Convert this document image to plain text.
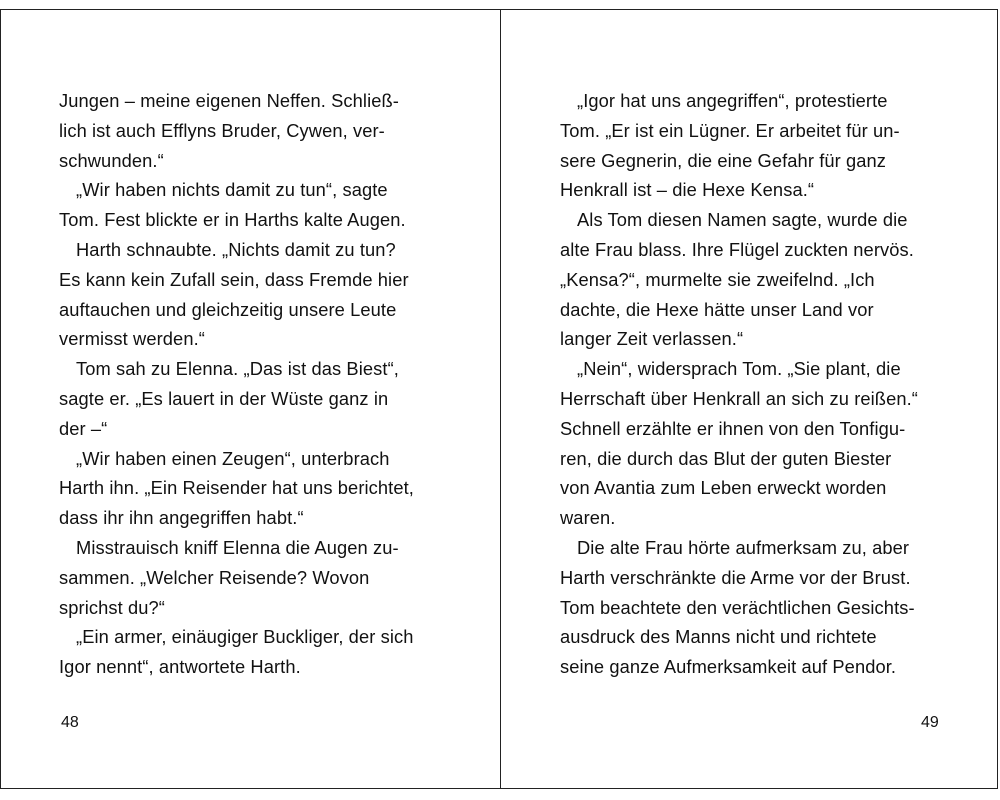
Jungen – meine eigenen Neffen. Schließ-
lich ist auch Efflyns Bruder, Cywen, ver-
schwunden.“
„Wir haben nichts damit zu tun“, sagte
Tom. Fest blickte er in Harths kalte Augen.
Harth schnaubte. „Nichts damit zu tun?
Es kann kein Zufall sein, dass Fremde hier
auftauchen und gleichzeitig unsere Leute
vermisst werden.“
Tom sah zu Elenna. „Das ist das Biest“,
sagte er. „Es lauert in der Wüste ganz in
der –“
„Wir haben einen Zeugen“, unterbrach
Harth ihn. „Ein Reisender hat uns berichtet,
dass ihr ihn angegriffen habt.“
Misstrauisch kniff Elenna die Augen zu-
sammen. „Welcher Reisende? Wovon
sprichst du?“
„Ein armer, einäugiger Buckliger, der sich
Igor nennt“, antwortete Harth.
48
„Igor hat uns angegriffen“, protestierte
Tom. „Er ist ein Lügner. Er arbeitet für un-
sere Gegnerin, die eine Gefahr für ganz
Henkrall ist – die Hexe Kensa.“
Als Tom diesen Namen sagte, wurde die
alte Frau blass. Ihre Flügel zuckten nervös.
„Kensa?“, murmelte sie zweifelnd. „Ich
dachte, die Hexe hätte unser Land vor
langer Zeit verlassen.“
„Nein“, widersprach Tom. „Sie plant, die
Herrschaft über Henkrall an sich zu reißen.“
Schnell erzählte er ihnen von den Tonfigu-
ren, die durch das Blut der guten Biester
von Avantia zum Leben erweckt worden
waren.
Die alte Frau hörte aufmerksam zu, aber
Harth verschränkte die Arme vor der Brust.
Tom beachtete den verächtlichen Gesichts-
ausdruck des Manns nicht und richtete
seine ganze Aufmerksamkeit auf Pendor.
49
